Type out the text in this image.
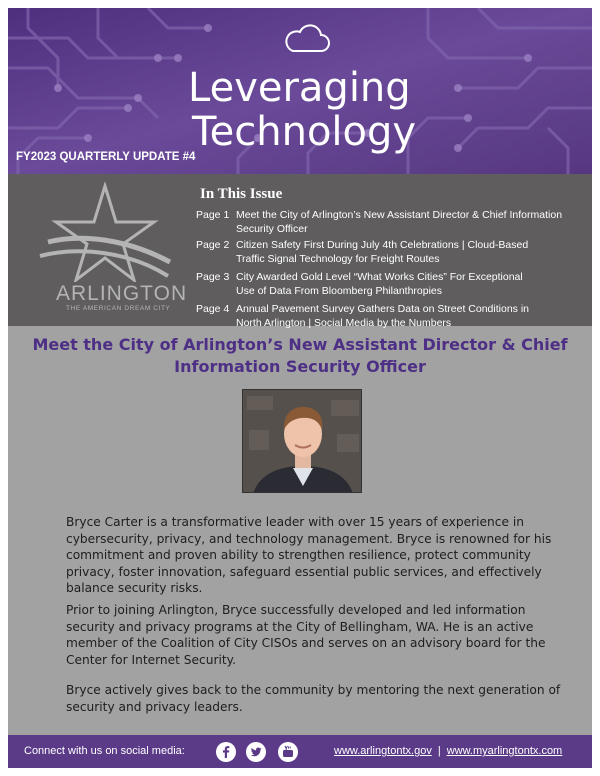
Leveraging
Technology
FY2023 QUARTERLY UPDATE #4
ARLINGTON
THE AMERICAN DREAM CITY
In This Issue
Page 1 Meet the City of Arlington’s New Assistant Director & Chief Information
Security Officer
Page 2 Citizen Safety First During July 4th Celebrations | Cloud-Based
Traffic Signal Technology for Freight Routes
Page 3 City Awarded Gold Level “What Works Cities” For Exceptional
Use of Data From Bloomberg Philanthropies
Page 4 Annual Pavement Survey Gathers Data on Street Conditions in
North Arlington | Social Media by the Numbers
Meet the City of Arlington’s New Assistant Director & Chief
Information Security Officer
Bryce Carter is a transformative leader with over 15 years of experience in cybersecurity, privacy, and technology management. Bryce is renowned for his commitment and proven ability to strengthen resilience, protect community privacy, foster innovation, safeguard essential public services, and effectively balance security risks.
Prior to joining Arlington, Bryce successfully developed and led information security and privacy programs at the City of Bellingham, WA. He is an active member of the Coalition of City CISOs and serves on an advisory board for the Center for Internet Security.
Bryce actively gives back to the community by mentoring the next generation of security and privacy leaders.
Connect with us on social media:	www.arlingtontx.gov | www.myarlingtontx.com
